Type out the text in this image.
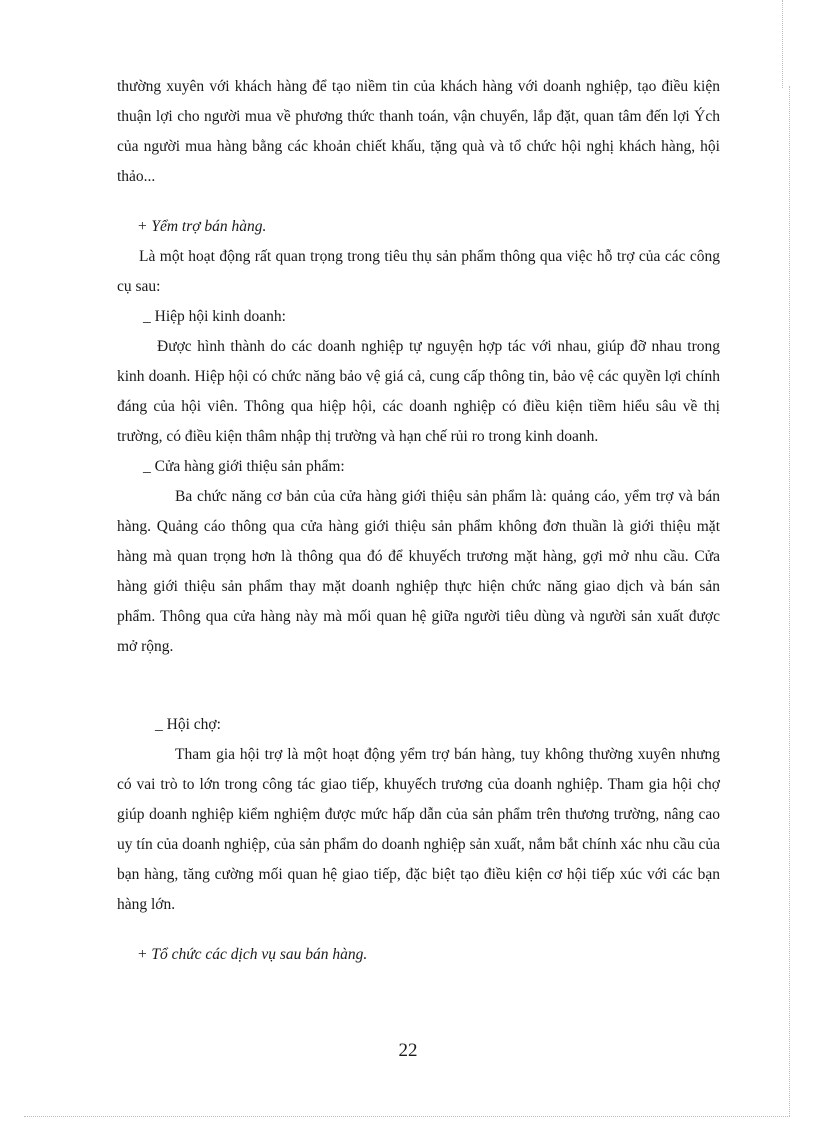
thường xuyên với khách hàng để tạo niềm tin của khách hàng với doanh nghiệp, tạo điều kiện thuận lợi cho người mua về phương thức thanh toán, vận chuyển, lắp đặt, quan tâm đến lợi Ých của người mua hàng bằng các khoản chiết khấu, tặng quà và tổ chức hội nghị khách hàng, hội thảo...

+ Yểm trợ bán hàng.

Là một hoạt động rất quan trọng trong tiêu thụ sản phẩm thông qua việc hỗ trợ của các công cụ sau:

_ Hiệp hội kinh doanh:

Được hình thành do các doanh nghiệp tự nguyện hợp tác với nhau, giúp đỡ nhau trong kinh doanh. Hiệp hội có chức năng bảo vệ giá cả, cung cấp thông tin, bảo vệ các quyền lợi chính đáng của hội viên. Thông qua hiệp hội, các doanh nghiệp có điều kiện tiềm hiểu sâu về thị trường, có điều kiện thâm nhập thị trường và hạn chế rủi ro trong kinh doanh.

_ Cửa hàng giới thiệu sản phẩm:

Ba chức năng cơ bản của cửa hàng giới thiệu sản phẩm là: quảng cáo, yểm trợ và bán hàng. Quảng cáo thông qua cửa hàng giới thiệu sản phẩm không đơn thuần là giới thiệu mặt hàng mà quan trọng hơn là thông qua đó để khuyếch trương mặt hàng, gợi mở nhu cầu. Cửa hàng giới thiệu sản phẩm thay mặt doanh nghiệp thực hiện chức năng giao dịch và bán sản phẩm. Thông qua cửa hàng này mà mối quan hệ giữa người tiêu dùng và người sản xuất được mở rộng.

_ Hội chợ:

Tham gia hội trợ là một hoạt động yểm trợ bán hàng, tuy không thường xuyên nhưng có vai trò to lớn trong công tác giao tiếp, khuyếch trương của doanh nghiệp. Tham gia hội chợ giúp doanh nghiệp kiểm nghiệm được mức hấp dẫn của sản phẩm trên thương trường, nâng cao uy tín của doanh nghiệp, của sản phẩm do doanh nghiệp sản xuất, nắm bắt chính xác nhu cầu của bạn hàng, tăng cường mối quan hệ giao tiếp, đặc biệt tạo điều kiện cơ hội tiếp xúc với các bạn hàng lớn.

+ Tổ chức các dịch vụ sau bán hàng.

22
